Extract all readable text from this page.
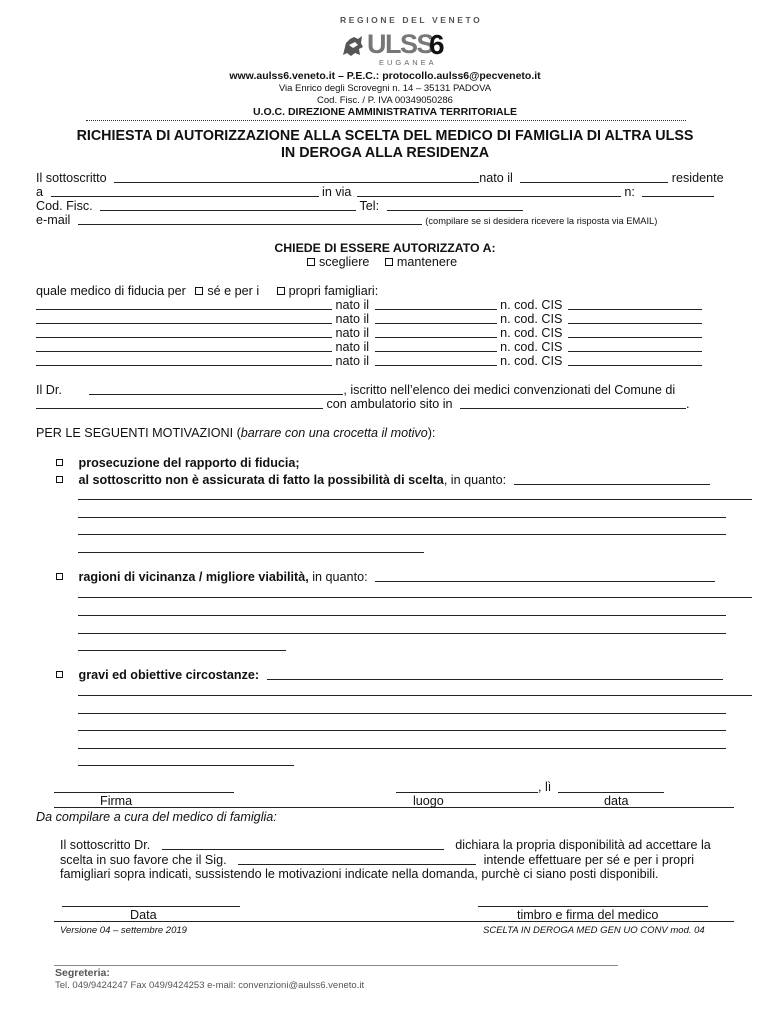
REGIONE DEL VENETO
ULSS
6
EUGANEA
www.aulss6.veneto.it – P.E.C.: protocollo.aulss6@pecveneto.it
Via Enrico degli Scrovegni n. 14 – 35131 PADOVA
Cod. Fisc. / P. IVA 00349050286
U.O.C. DIREZIONE AMMINISTRATIVA TERRITORIALE
RICHIESTA DI AUTORIZZAZIONE ALLA SCELTA DEL MEDICO DI FAMIGLIA DI ALTRA ULSS
IN DEROGA ALLA RESIDENZA
Il sottoscritto	nato il	residente
a	in via	n:
Cod. Fisc.	Tel:
e-mail	(compilare se si desidera ricevere la risposta via EMAIL)
CHIEDE DI ESSERE AUTORIZZATO A:
scegliere mantenere
quale medico di fiducia per sé e per i propri famigliari:
nato il	n. cod. CIS
nato il	n. cod. CIS
nato il	n. cod. CIS
nato il	n. cod. CIS
nato il	n. cod. CIS
Il Dr.	, iscritto nell’elenco dei medici convenzionati del Comune di
con ambulatorio sito in	.
PER LE SEGUENTI MOTIVAZIONI (barrare con una crocetta il motivo):
prosecuzione del rapporto di fiducia;
al sottoscritto non è assicurata di fatto la possibilità di scelta, in quanto:
ragioni di vicinanza / migliore viabilità, in quanto:
gravi ed obiettive circostanze:
, lì
Firma	luogo	data
Da compilare a cura del medico di famiglia:
Il sottoscritto Dr.	dichiara la propria disponibilità ad accettare la
scelta in suo favore che il Sig.	intende effettuare per sé e per i propri
famigliari sopra indicati, sussistendo le motivazioni indicate nella domanda, purchè ci siano posti disponibili.
Data	timbro e firma del medico
Versione 04 – settembre 2019	SCELTA IN DEROGA MED GEN UO CONV mod. 04
Segreteria:
Tel. 049/9424247 Fax 049/9424253 e-mail: convenzioni@aulss6.veneto.it
